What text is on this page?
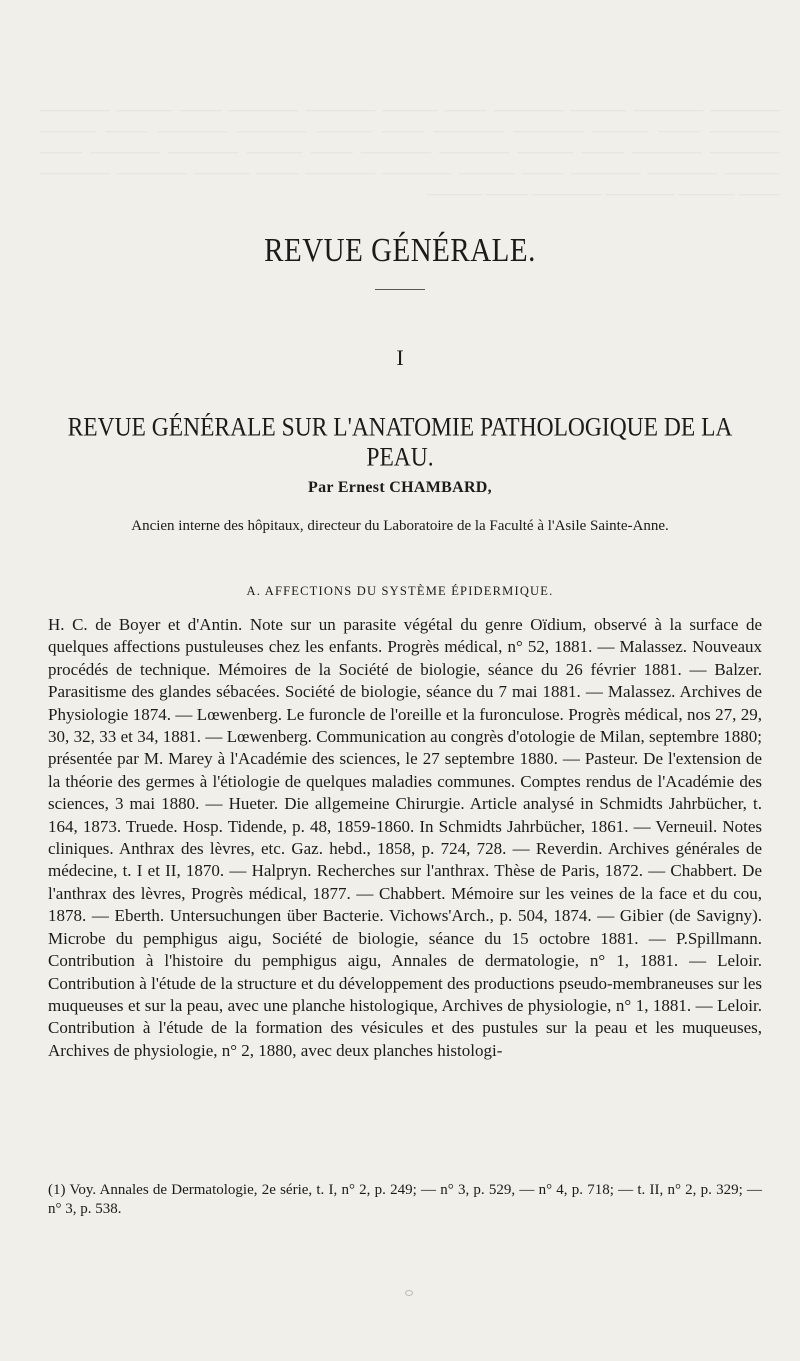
————— ————— ———— ————— ——— ———— ————— ————— ——— ———— ————— ————— ——— ———— ————— ————— ——— ———— ————— ————— ——— ———— ————— ————— ——— ———— ————— ————— ——— ———— ————— ————— ——— ———— ————— ————— ——— ———— ————— ————— ——— ———— ————— ————— ——— ———— ————— ————— ——— ————
REVUE GÉNÉRALE.
I
REVUE GÉNÉRALE SUR L'ANATOMIE PATHOLOGIQUE DE LA PEAU.
Par Ernest CHAMBARD,
Ancien interne des hôpitaux, directeur du Laboratoire de la Faculté à l'Asile Sainte-Anne.
A. AFFECTIONS DU SYSTÈME ÉPIDERMIQUE.

H. C. de Boyer et d'Antin. Note sur un parasite végétal du genre Oïdium, observé à la surface de quelques affections pustuleuses chez les enfants. Progrès médical, n° 52, 1881. — Malassez. Nouveaux procédés de technique. Mémoires de la Société de biologie, séance du 26 février 1881. — Balzer. Parasitisme des glandes sébacées. Société de biologie, séance du 7 mai 1881. — Malassez. Archives de Physiologie 1874. — Lœwenberg. Le furoncle de l'oreille et la furonculose. Progrès médical, nos 27, 29, 30, 32, 33 et 34, 1881. — Lœwenberg. Communication au congrès d'otologie de Milan, septembre 1880; présentée par M. Marey à l'Académie des sciences, le 27 septembre 1880. — Pasteur. De l'extension de la théorie des germes à l'étiologie de quelques maladies communes. Comptes rendus de l'Académie des sciences, 3 mai 1880. — Hueter. Die allgemeine Chirurgie. Article analysé in Schmidts Jahrbücher, t. 164, 1873. Truede. Hosp. Tidende, p. 48, 1859-1860. In Schmidts Jahrbücher, 1861. — Verneuil. Notes cliniques. Anthrax des lèvres, etc. Gaz. hebd., 1858, p. 724, 728. — Reverdin. Archives générales de médecine, t. I et II, 1870. — Halpryn. Recherches sur l'anthrax. Thèse de Paris, 1872. — Chabbert. De l'anthrax des lèvres, Progrès médical, 1877. — Chabbert. Mémoire sur les veines de la face et du cou, 1878. — Eberth. Untersuchungen über Bacterie. Vichows'Arch., p. 504, 1874. — Gibier (de Savigny). Microbe du pemphigus aigu, Société de biologie, séance du 15 octobre 1881. — P.Spillmann. Contribution à l'histoire du pemphigus aigu, Annales de dermatologie, n° 1, 1881. — Leloir. Contribution à l'étude de la structure et du développement des productions pseudo-membraneuses sur les muqueuses et sur la peau, avec une planche histologique, Archives de physiologie, n° 1, 1881. — Leloir. Contribution à l'étude de la formation des vésicules et des pustules sur la peau et les muqueuses, Archives de physiologie, n° 2, 1880, avec deux planches histologi-

(1) Voy. Annales de Dermatologie, 2e série, t. I, n° 2, p. 249; — n° 3, p. 529, — n° 4, p. 718; — t. II, n° 2, p. 329; — n° 3, p. 538.
